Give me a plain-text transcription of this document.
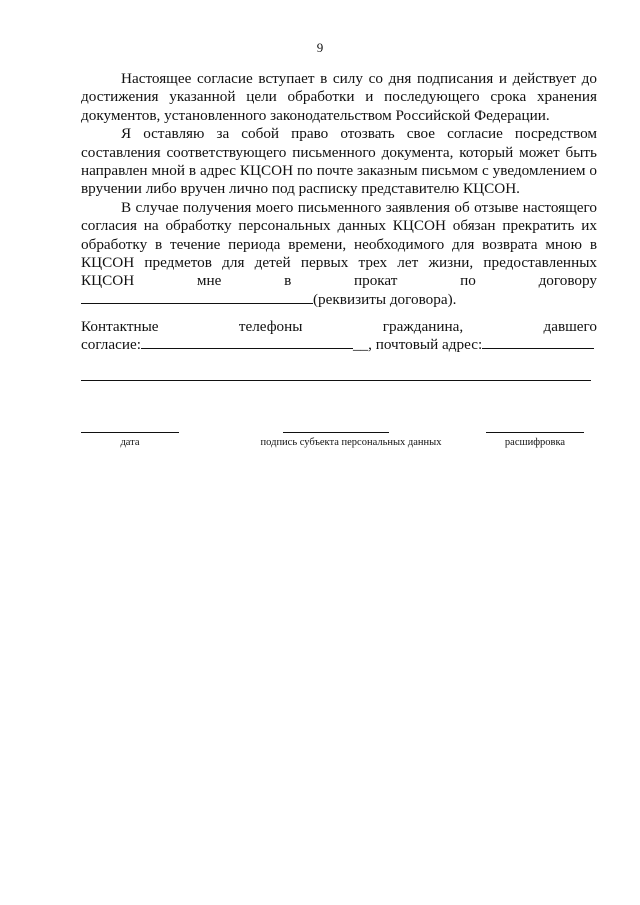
9
Настоящее согласие вступает в силу со дня подписания и действует до
достижения указанной цели обработки и последующего срока хранения
документов, установленного законодательством Российской Федерации.
Я оставляю за собой право отозвать свое согласие посредством
составления соответствующего письменного документа, который может быть
направлен мной в адрес КЦСОН по почте заказным письмом с уведомлением о
вручении либо вручен лично под расписку представителю КЦСОН.
В случае получения моего письменного заявления об отзыве настоящего
согласия на обработку персональных данных КЦСОН обязан прекратить их
обработку в течение периода времени, необходимого для возврата мною в
КЦСОН предметов для детей первых трех лет жизни, предоставленных
КЦСОН мне в прокат по договору
(реквизиты договора).
Контактные телефоны гражданина, давшего
согласие:	__, почтовый адрес:
дата	подпись субъекта персональных данных	расшифровка
